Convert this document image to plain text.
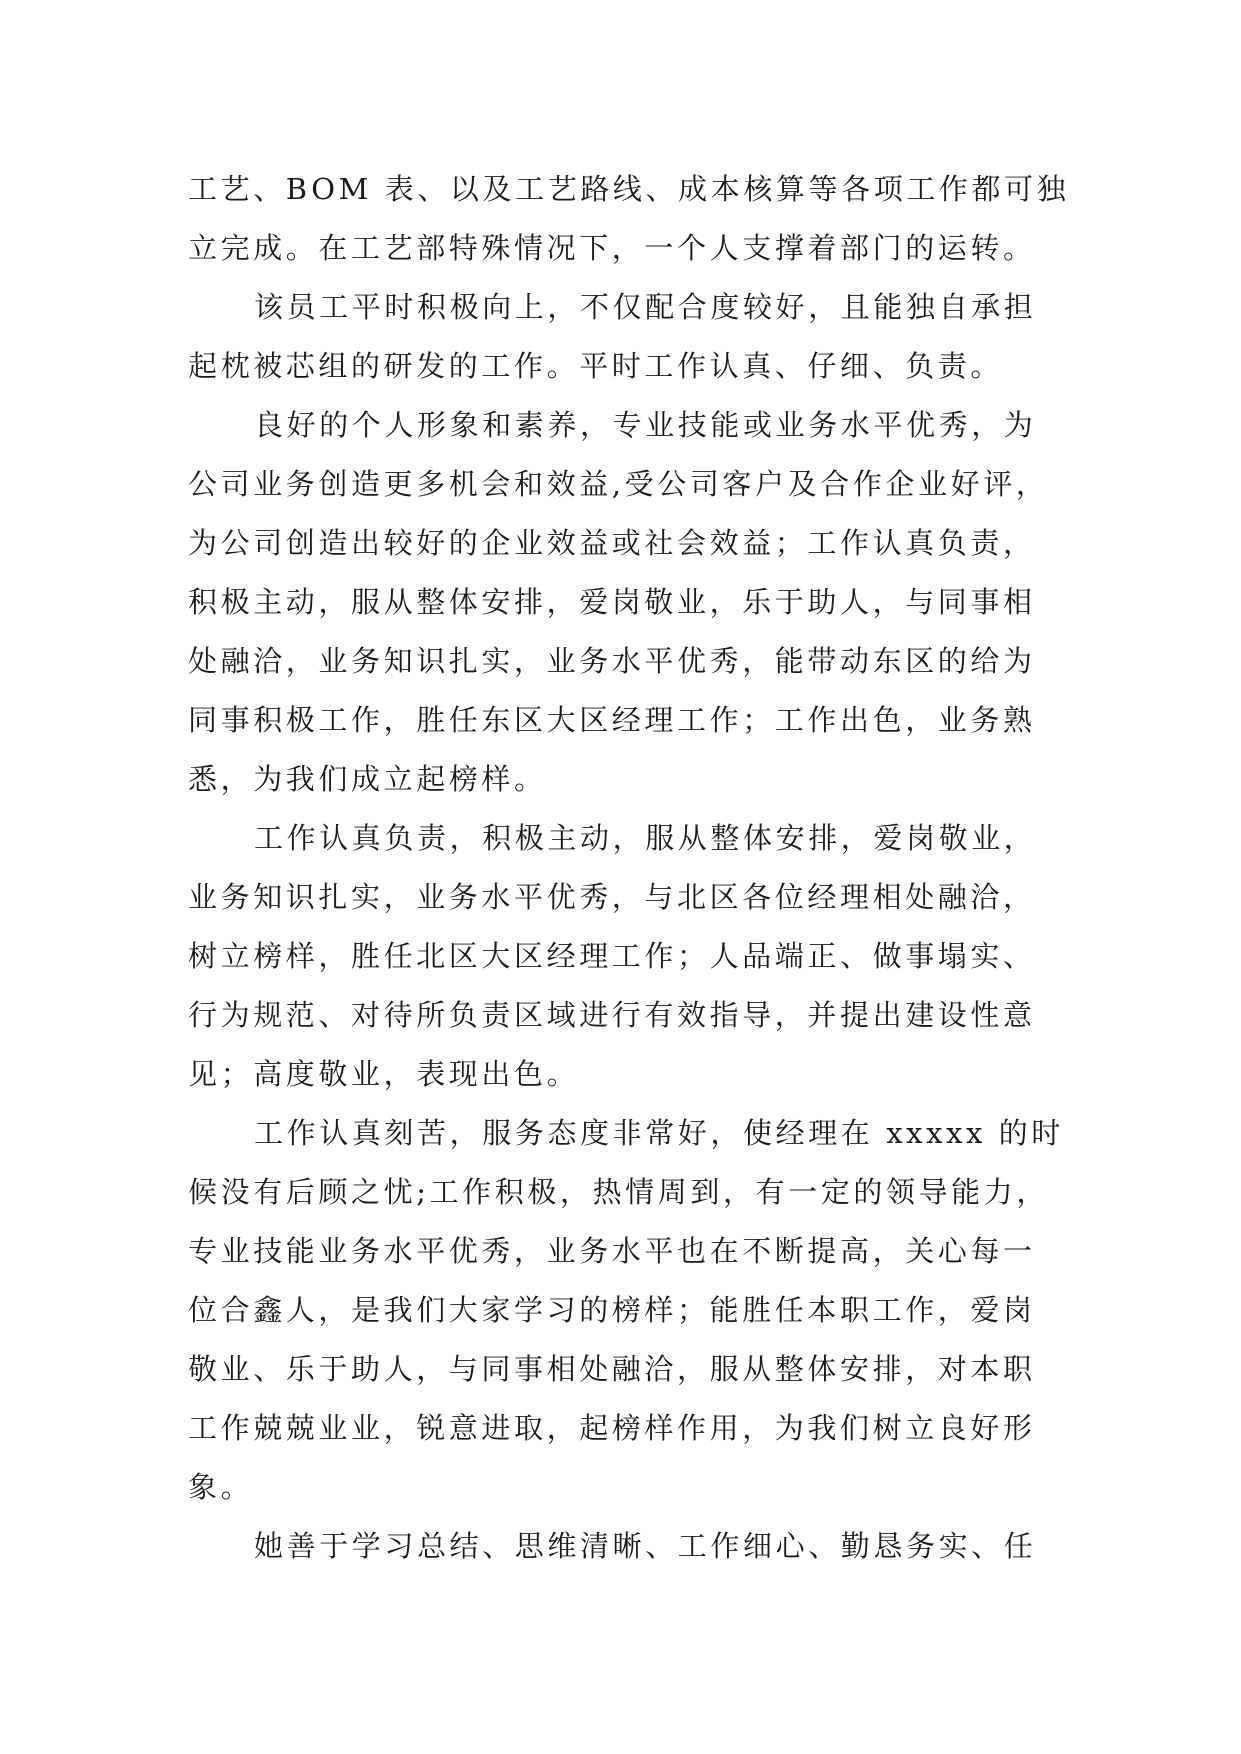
工艺、BOM 表、以及工艺路线、成本核算等各项工作都可独
立完成。在工艺部特殊情况下，一个人支撑着部门的运转。
该员工平时积极向上，不仅配合度较好，且能独自承担
起枕被芯组的研发的工作。平时工作认真、仔细、负责。
良好的个人形象和素养，专业技能或业务水平优秀，为
公司业务创造更多机会和效益,受公司客户及合作企业好评，
为公司创造出较好的企业效益或社会效益；工作认真负责，
积极主动，服从整体安排，爱岗敬业，乐于助人，与同事相
处融洽，业务知识扎实，业务水平优秀，能带动东区的给为
同事积极工作，胜任东区大区经理工作；工作出色，业务熟
悉，为我们成立起榜样。
工作认真负责，积极主动，服从整体安排，爱岗敬业，
业务知识扎实，业务水平优秀，与北区各位经理相处融洽，
树立榜样，胜任北区大区经理工作；人品端正、做事塌实、
行为规范、对待所负责区域进行有效指导，并提出建设性意
见；高度敬业，表现出色。
工作认真刻苦，服务态度非常好，使经理在 xxxxx 的时
候没有后顾之忧;工作积极，热情周到，有一定的领导能力，
专业技能业务水平优秀，业务水平也在不断提高，关心每一
位合鑫人，是我们大家学习的榜样；能胜任本职工作，爱岗
敬业、乐于助人，与同事相处融洽，服从整体安排，对本职
工作兢兢业业，锐意进取，起榜样作用，为我们树立良好形
象。
她善于学习总结、思维清晰、工作细心、勤恳务实、任
